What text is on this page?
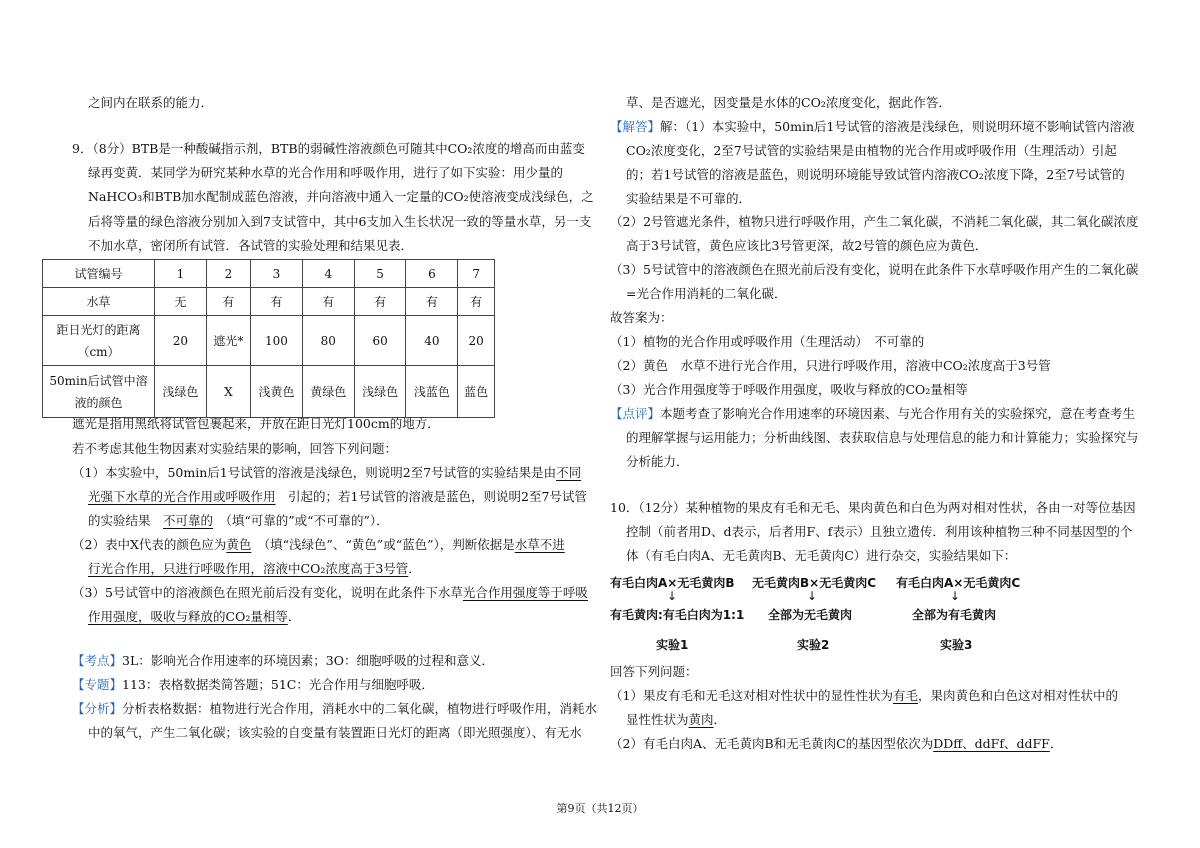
之间内在联系的能力．
9．（8分）BTB是一种酸碱指示剂，BTB的弱碱性溶液颜色可随其中CO₂浓度的增高而由蓝变
绿再变黄．某同学为研究某种水草的光合作用和呼吸作用，进行了如下实验：用少量的
NaHCO₃和BTB加水配制成蓝色溶液，并向溶液中通入一定量的CO₂使溶液变成浅绿色，之
后将等量的绿色溶液分别加入到7支试管中，其中6支加入生长状况一致的等量水草，另一支
不加水草，密闭所有试管．各试管的实验处理和结果见表．
试管编号	1	2	3	4	5	6	7
水草	无	有	有	有	有	有	有
距日光灯的距离（cm）	20	遮光*	100	80	60	40	20
50min后试管中溶液的颜色	浅绿色	X	浅黄色	黄绿色	浅绿色	浅蓝色	蓝色
遮光是指用黑纸将试管包裹起来，并放在距日光灯100cm的地方．
若不考虑其他生物因素对实验结果的影响，回答下列问题：
（1）本实验中，50min后1号试管的溶液是浅绿色，则说明2至7号试管的实验结果是由不同
光强下水草的光合作用或呼吸作用　 引起的；若1号试管的溶液是蓝色，则说明2至7号试管
的实验结果　 不可靠的　 （填“可靠的”或“不可靠的”）．
（2）表中X代表的颜色应为黄色　 （填“浅绿色”、“黄色”或“蓝色”），判断依据是水草不进
行光合作用，只进行呼吸作用，溶液中CO₂浓度高于3号管．
（3）5号试管中的溶液颜色在照光前后没有变化，说明在此条件下水草光合作用强度等于呼吸
作用强度，吸收与释放的CO₂量相等．
【考点】3L：影响光合作用速率的环境因素；3O：细胞呼吸的过程和意义．
【专题】113：表格数据类简答题；51C：光合作用与细胞呼吸．
【分析】分析表格数据：植物进行光合作用，消耗水中的二氧化碳，植物进行呼吸作用，消耗水
中的氧气，产生二氧化碳；该实验的自变量有装置距日光灯的距离（即光照强度）、有无水
草、是否遮光，因变量是水体的CO₂浓度变化，据此作答．
【解答】解：（1）本实验中，50min后1号试管的溶液是浅绿色，则说明环境不影响试管内溶液
CO₂浓度变化，2至7号试管的实验结果是由植物的光合作用或呼吸作用（生理活动）引起
的；若1号试管的溶液是蓝色，则说明环境能导致试管内溶液CO₂浓度下降，2至7号试管的
实验结果是不可靠的．
（2）2号管遮光条件，植物只进行呼吸作用，产生二氧化碳，不消耗二氧化碳，其二氧化碳浓度
高于3号试管，黄色应该比3号管更深，故2号管的颜色应为黄色．
（3）5号试管中的溶液颜色在照光前后没有变化，说明在此条件下水草呼吸作用产生的二氧化碳
=光合作用消耗的二氧化碳．
故答案为：
（1）植物的光合作用或呼吸作用（生理活动）　不可靠的
（2）黄色　水草不进行光合作用，只进行呼吸作用，溶液中CO₂浓度高于3号管
（3）光合作用强度等于呼吸作用强度，吸收与释放的CO₂量相等
【点评】本题考查了影响光合作用速率的环境因素、与光合作用有关的实验探究，意在考查考生
的理解掌握与运用能力；分析曲线图、表获取信息与处理信息的能力和计算能力；实验探究与
分析能力．
10．（12分）某种植物的果皮有毛和无毛、果肉黄色和白色为两对相对性状，各由一对等位基因
控制（前者用D、d表示，后者用F、f表示）且独立遗传．利用该种植物三种不同基因型的个
体（有毛白肉A、无毛黄肉B、无毛黄肉C）进行杂交，实验结果如下：
有毛白肉A×无毛黄肉B
↓
有毛黄肉:有毛白肉为1:1
实验1
无毛黄肉B×无毛黄肉C
↓
全部为无毛黄肉
实验2
有毛白肉A×无毛黄肉C
↓
全部为有毛黄肉
实验3
回答下列问题：
（1）果皮有毛和无毛这对相对性状中的显性性状为有毛，果肉黄色和白色这对相对性状中的
显性性状为黄肉．
（2）有毛白肉A、无毛黄肉B和无毛黄肉C的基因型依次为DDff、ddFf、ddFF．
第9页（共12页）
